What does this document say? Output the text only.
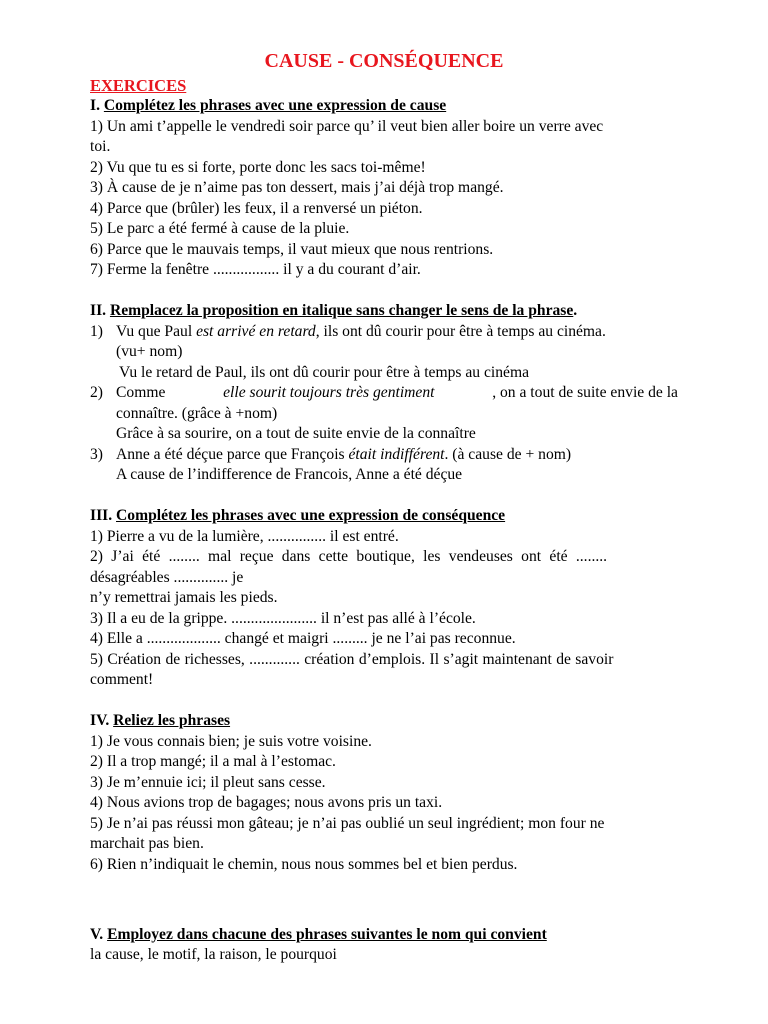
CAUSE - CONSÉQUENCE
EXERCICES
I. Complétez les phrases avec une expression de cause
1) Un ami t’appelle le vendredi soir parce qu’ il veut bien aller boire un verre avec
toi.
2) Vu que tu es si forte, porte donc les sacs toi-même!
3) À cause de je n’aime pas ton dessert, mais j’ai déjà trop mangé.
4) Parce que (brûler) les feux, il a renversé un piéton.
5) Le parc a été fermé à cause de la pluie.
6) Parce que le mauvais temps, il vaut mieux que nous rentrions.
7) Ferme la fenêtre ................. il y a du courant d’air.
II. Remplacez la proposition en italique sans changer le sens de la phrase.
1) Vu que Paul est arrivé en retard, ils ont dû courir pour être à temps au cinéma.
(vu+ nom)
Vu le retard de Paul, ils ont dû courir pour être à temps au cinéma
2) Comme	elle sourit toujours très gentiment	, on a tout de suite envie de la
connaître. (grâce à +nom)
Grâce à sa sourire, on a tout de suite envie de la connaître
3) Anne a été déçue parce que François était indifférent. (à cause de + nom)
A cause de l’indifference de Francois, Anne a été déçue
III. Complétez les phrases avec une expression de conséquence
1) Pierre a vu de la lumière, ............... il est entré.
2) J’ai été ........ mal reçue dans cette boutique, les vendeuses ont été ........
désagréables .............. je
n’y remettrai jamais les pieds.
3) Il a eu de la grippe. ...................... il n’est pas allé à l’école.
4) Elle a ................... changé et maigri ......... je ne l’ai pas reconnue.
5) Création de richesses, ............. création d’emplois. Il s’agit maintenant de savoir
comment!
IV. Reliez les phrases
1) Je vous connais bien; je suis votre voisine.
2) Il a trop mangé; il a mal à l’estomac.
3) Je m’ennuie ici; il pleut sans cesse.
4) Nous avions trop de bagages; nous avons pris un taxi.
5) Je n’ai pas réussi mon gâteau; je n’ai pas oublié un seul ingrédient; mon four ne
marchait pas bien.
6) Rien n’indiquait le chemin, nous nous sommes bel et bien perdus.
V. Employez dans chacune des phrases suivantes le nom qui convient
la cause, le motif, la raison, le pourquoi
